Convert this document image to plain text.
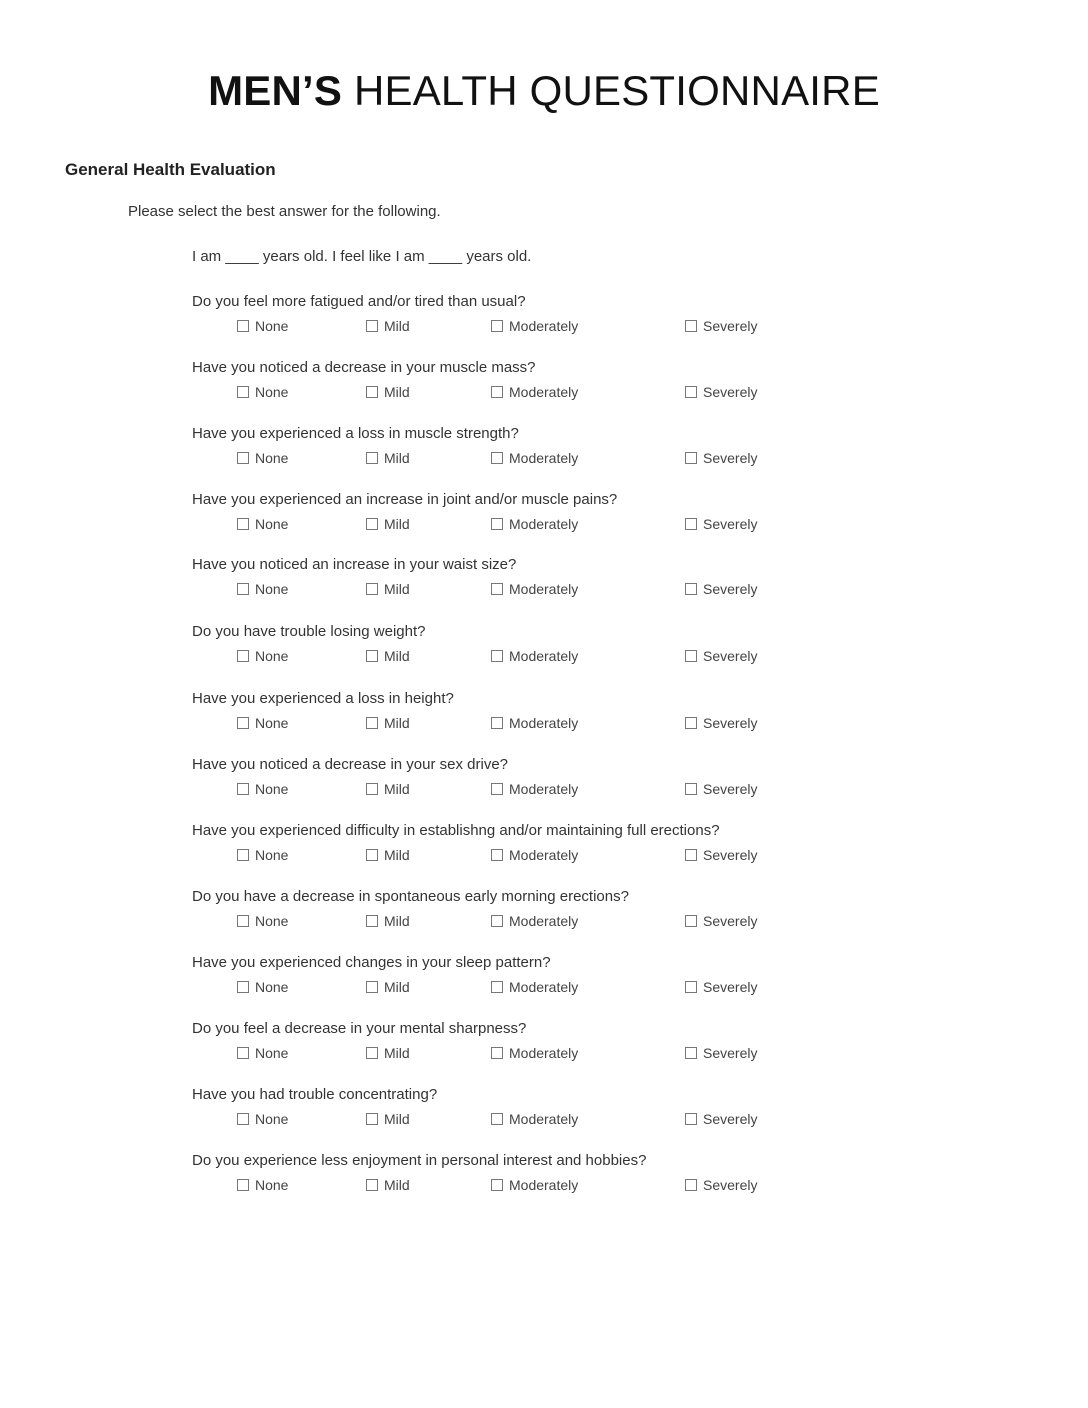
MEN’S HEALTH QUESTIONNAIRE
General Health Evaluation
Please select the best answer for the following.
I am ____ years old. I feel like I am ____ years old.
Do you feel more fatigued and/or tired than usual?
None	Mild	Moderately	Severely
Have you noticed a decrease in your muscle mass?
None	Mild	Moderately	Severely
Have you experienced a loss in muscle strength?
None	Mild	Moderately	Severely
Have you experienced an increase in joint and/or muscle pains?
None	Mild	Moderately	Severely
Have you noticed an increase in your waist size?
None	Mild	Moderately	Severely
Do you have trouble losing weight?
None	Mild	Moderately	Severely
Have you experienced a loss in height?
None	Mild	Moderately	Severely
Have you noticed a decrease in your sex drive?
None	Mild	Moderately	Severely
Have you experienced difficulty in establishng and/or maintaining full erections?
None	Mild	Moderately	Severely
Do you have a decrease in spontaneous early morning erections?
None	Mild	Moderately	Severely
Have you experienced changes in your sleep pattern?
None	Mild	Moderately	Severely
Do you feel a decrease in your mental sharpness?
None	Mild	Moderately	Severely
Have you had trouble concentrating?
None	Mild	Moderately	Severely
Do you experience less enjoyment in personal interest and hobbies?
None	Mild	Moderately	Severely
